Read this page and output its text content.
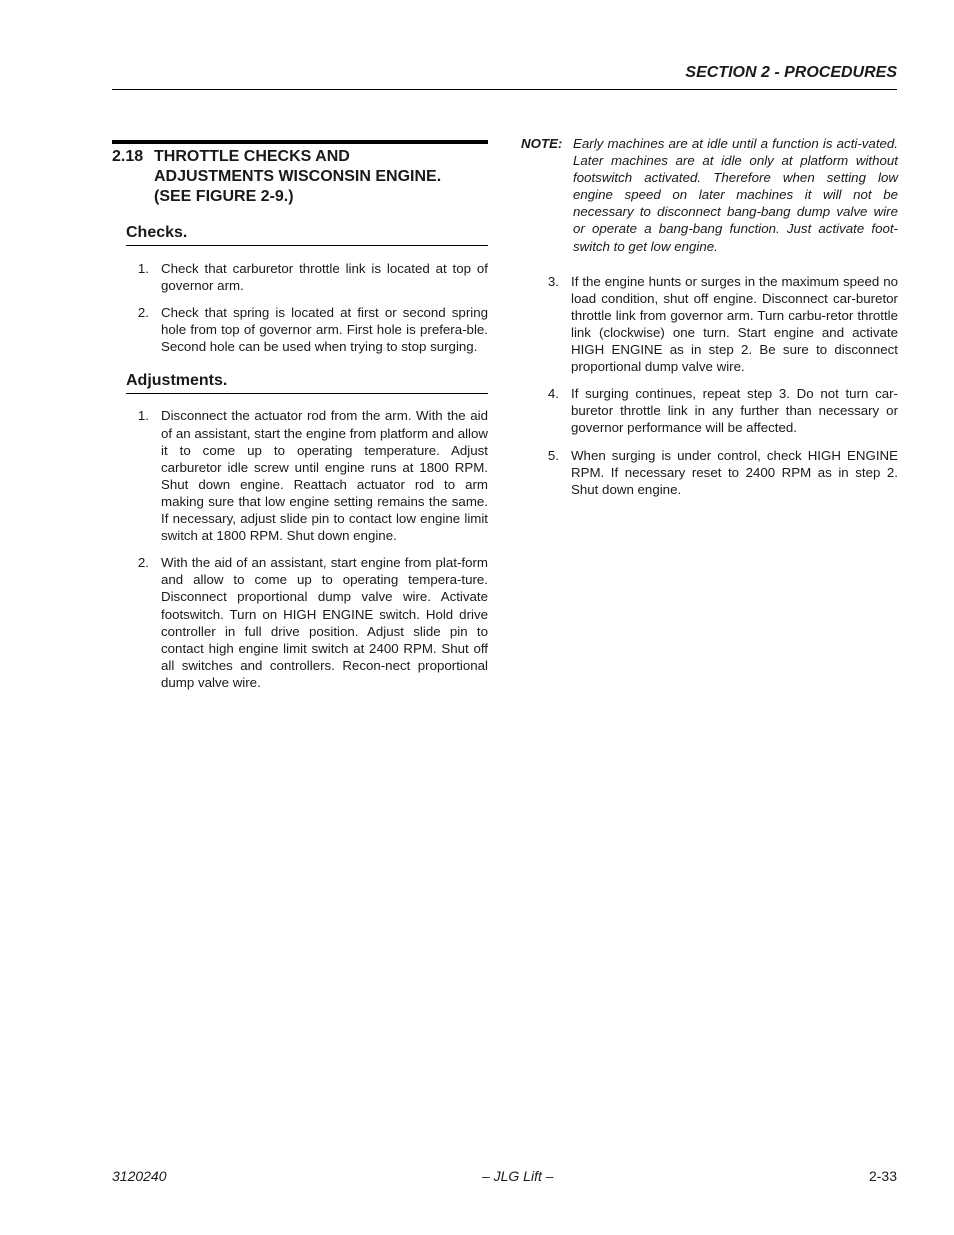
SECTION 2 - PROCEDURES
2.18 THROTTLE CHECKS AND
ADJUSTMENTS WISCONSIN ENGINE.
(SEE FIGURE 2-9.)
Checks.
1. Check that carburetor throttle link is located at top of governor arm.
2. Check that spring is located at first or second spring hole from top of governor arm. First hole is prefera-ble. Second hole can be used when trying to stop surging.
Adjustments.
1. Disconnect the actuator rod from the arm. With the aid of an assistant, start the engine from platform and allow it to come up to operating temperature. Adjust carburetor idle screw until engine runs at 1800 RPM. Shut down engine. Reattach actuator rod to arm making sure that low engine setting remains the same. If necessary, adjust slide pin to contact low engine limit switch at 1800 RPM. Shut down engine.
2. With the aid of an assistant, start engine from plat-form and allow to come up to operating tempera-ture. Disconnect proportional dump valve wire. Activate footswitch. Turn on HIGH ENGINE switch. Hold drive controller in full drive position. Adjust slide pin to contact high engine limit switch at 2400 RPM. Shut off all switches and controllers. Recon-nect proportional dump valve wire.
NOTE: Early machines are at idle until a function is acti-vated. Later machines are at idle only at platform without footswitch activated. Therefore when setting low engine speed on later machines it will not be necessary to disconnect bang-bang dump valve wire or operate a bang-bang function. Just activate foot-switch to get low engine.
3. If the engine hunts or surges in the maximum speed no load condition, shut off engine. Disconnect car-buretor throttle link from governor arm. Turn carbu-retor throttle link (clockwise) one turn. Start engine and activate HIGH ENGINE as in step 2. Be sure to disconnect proportional dump valve wire.
4. If surging continues, repeat step 3. Do not turn car-buretor throttle link in any further than necessary or governor performance will be affected.
5. When surging is under control, check HIGH ENGINE RPM. If necessary reset to 2400 RPM as in step 2. Shut down engine.
3120240	– JLG Lift –	2-33
